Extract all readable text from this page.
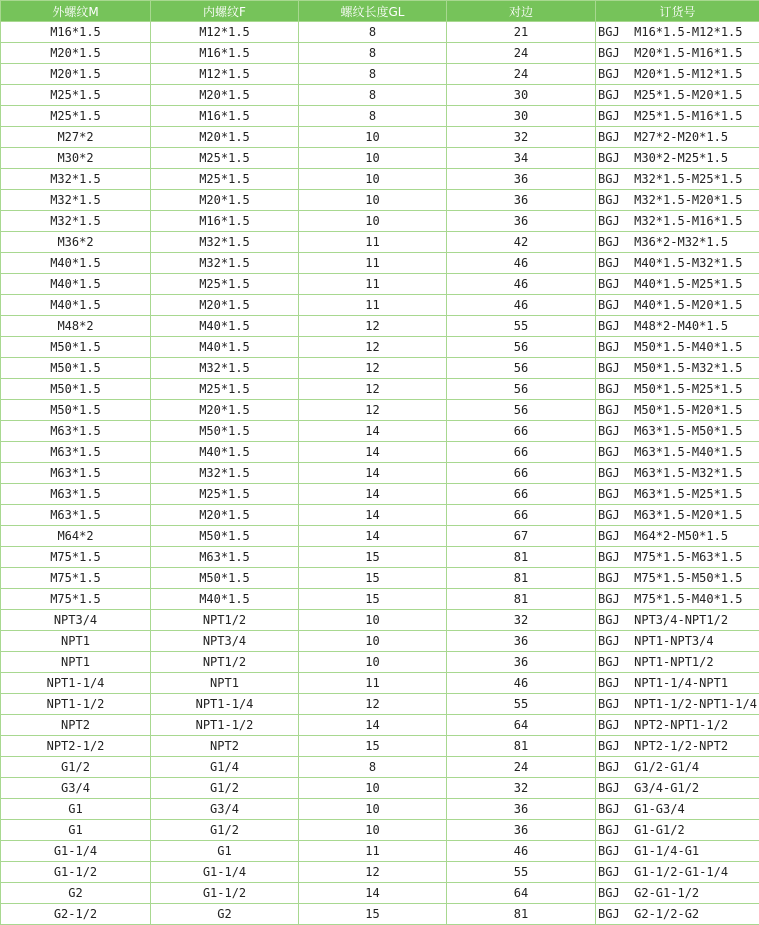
外螺纹M	内螺纹F	螺纹长度GL	对边	订货号
M16*1.5	M12*1.5	8	21	BGJ  M16*1.5-M12*1.5
M20*1.5	M16*1.5	8	24	BGJ  M20*1.5-M16*1.5
M20*1.5	M12*1.5	8	24	BGJ  M20*1.5-M12*1.5
M25*1.5	M20*1.5	8	30	BGJ  M25*1.5-M20*1.5
M25*1.5	M16*1.5	8	30	BGJ  M25*1.5-M16*1.5
M27*2	M20*1.5	10	32	BGJ  M27*2-M20*1.5
M30*2	M25*1.5	10	34	BGJ  M30*2-M25*1.5
M32*1.5	M25*1.5	10	36	BGJ  M32*1.5-M25*1.5
M32*1.5	M20*1.5	10	36	BGJ  M32*1.5-M20*1.5
M32*1.5	M16*1.5	10	36	BGJ  M32*1.5-M16*1.5
M36*2	M32*1.5	11	42	BGJ  M36*2-M32*1.5
M40*1.5	M32*1.5	11	46	BGJ  M40*1.5-M32*1.5
M40*1.5	M25*1.5	11	46	BGJ  M40*1.5-M25*1.5
M40*1.5	M20*1.5	11	46	BGJ  M40*1.5-M20*1.5
M48*2	M40*1.5	12	55	BGJ  M48*2-M40*1.5
M50*1.5	M40*1.5	12	56	BGJ  M50*1.5-M40*1.5
M50*1.5	M32*1.5	12	56	BGJ  M50*1.5-M32*1.5
M50*1.5	M25*1.5	12	56	BGJ  M50*1.5-M25*1.5
M50*1.5	M20*1.5	12	56	BGJ  M50*1.5-M20*1.5
M63*1.5	M50*1.5	14	66	BGJ  M63*1.5-M50*1.5
M63*1.5	M40*1.5	14	66	BGJ  M63*1.5-M40*1.5
M63*1.5	M32*1.5	14	66	BGJ  M63*1.5-M32*1.5
M63*1.5	M25*1.5	14	66	BGJ  M63*1.5-M25*1.5
M63*1.5	M20*1.5	14	66	BGJ  M63*1.5-M20*1.5
M64*2	M50*1.5	14	67	BGJ  M64*2-M50*1.5
M75*1.5	M63*1.5	15	81	BGJ  M75*1.5-M63*1.5
M75*1.5	M50*1.5	15	81	BGJ  M75*1.5-M50*1.5
M75*1.5	M40*1.5	15	81	BGJ  M75*1.5-M40*1.5
NPT3/4	NPT1/2	10	32	BGJ  NPT3/4-NPT1/2
NPT1	NPT3/4	10	36	BGJ  NPT1-NPT3/4
NPT1	NPT1/2	10	36	BGJ  NPT1-NPT1/2
NPT1-1/4	NPT1	11	46	BGJ  NPT1-1/4-NPT1
NPT1-1/2	NPT1-1/4	12	55	BGJ  NPT1-1/2-NPT1-1/4
NPT2	NPT1-1/2	14	64	BGJ  NPT2-NPT1-1/2
NPT2-1/2	NPT2	15	81	BGJ  NPT2-1/2-NPT2
G1/2	G1/4	8	24	BGJ  G1/2-G1/4
G3/4	G1/2	10	32	BGJ  G3/4-G1/2
G1	G3/4	10	36	BGJ  G1-G3/4
G1	G1/2	10	36	BGJ  G1-G1/2
G1-1/4	G1	11	46	BGJ  G1-1/4-G1
G1-1/2	G1-1/4	12	55	BGJ  G1-1/2-G1-1/4
G2	G1-1/2	14	64	BGJ  G2-G1-1/2
G2-1/2	G2	15	81	BGJ  G2-1/2-G2
